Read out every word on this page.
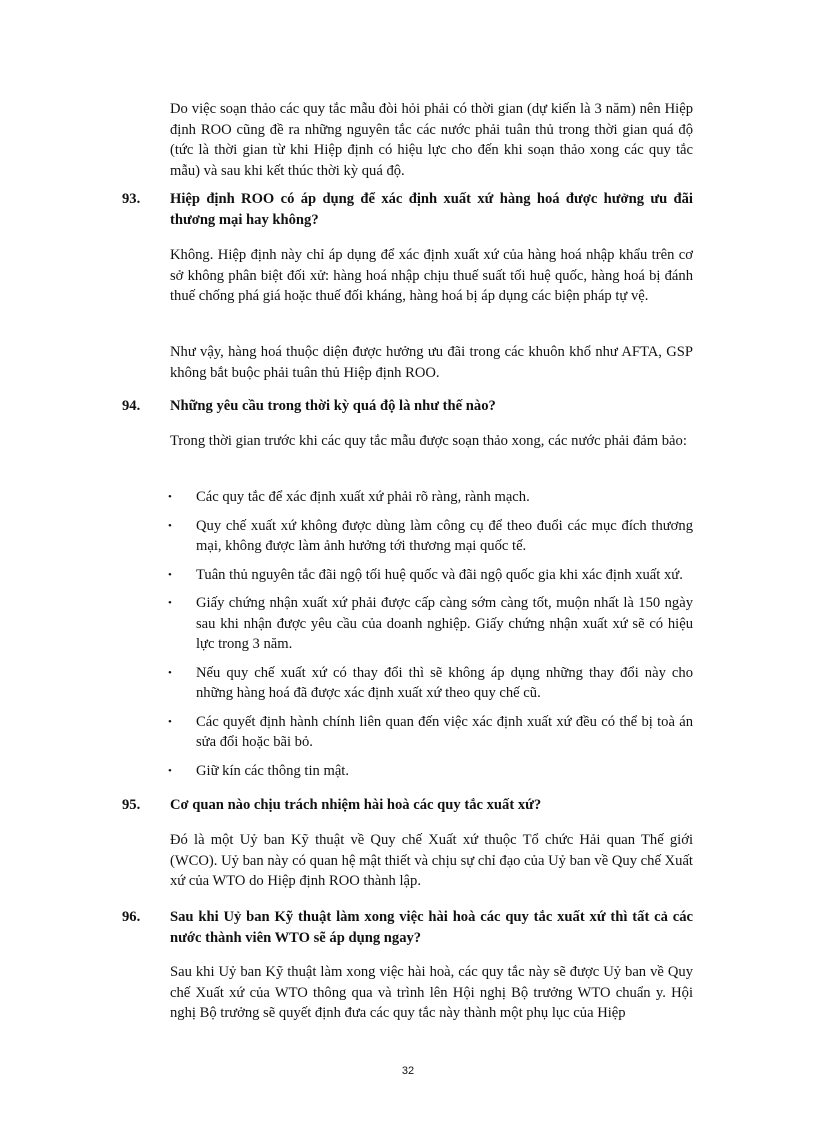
Do việc soạn thảo các quy tắc mẫu đòi hỏi phải có thời gian (dự kiến là 3 năm) nên Hiệp định ROO cũng đề ra những nguyên tắc các nước phải tuân thủ trong thời gian quá độ (tức là thời gian từ khi Hiệp định có hiệu lực cho đến khi soạn thảo xong các quy tắc mẫu) và sau khi kết thúc thời kỳ quá độ.

93. Hiệp định ROO có áp dụng để xác định xuất xứ hàng hoá được hưởng ưu đãi thương mại hay không?

Không. Hiệp định này chỉ áp dụng để xác định xuất xứ của hàng hoá nhập khẩu trên cơ sở không phân biệt đối xử: hàng hoá nhập chịu thuế suất tối huệ quốc, hàng hoá bị đánh thuế chống phá giá hoặc thuế đối kháng, hàng hoá bị áp dụng các biện pháp tự vệ.

Như vậy, hàng hoá thuộc diện được hưởng ưu đãi trong các khuôn khổ như AFTA, GSP không bắt buộc phải tuân thủ Hiệp định ROO.

94. Những yêu cầu trong thời kỳ quá độ là như thế nào?

Trong thời gian trước khi các quy tắc mẫu được soạn thảo xong, các nước phải đảm bảo:

• Các quy tắc để xác định xuất xứ phải rõ ràng, rành mạch.
• Quy chế xuất xứ không được dùng làm công cụ để theo đuổi các mục đích thương mại, không được làm ảnh hưởng tới thương mại quốc tế.
• Tuân thủ nguyên tắc đãi ngộ tối huệ quốc và đãi ngộ quốc gia khi xác định xuất xứ.
• Giấy chứng nhận xuất xứ phải được cấp càng sớm càng tốt, muộn nhất là 150 ngày sau khi nhận được yêu cầu của doanh nghiệp. Giấy chứng nhận xuất xứ sẽ có hiệu lực trong 3 năm.
• Nếu quy chế xuất xứ có thay đổi thì sẽ không áp dụng những thay đổi này cho những hàng hoá đã được xác định xuất xứ theo quy chế cũ.
• Các quyết định hành chính liên quan đến việc xác định xuất xứ đều có thể bị toà án sửa đổi hoặc bãi bỏ.
• Giữ kín các thông tin mật.
95. Cơ quan nào chịu trách nhiệm hài hoà các quy tắc xuất xứ?

Đó là một Uỷ ban Kỹ thuật về Quy chế Xuất xứ thuộc Tổ chức Hải quan Thế giới (WCO). Uỷ ban này có quan hệ mật thiết và chịu sự chỉ đạo của Uỷ ban về Quy chế Xuất xứ của WTO do Hiệp định ROO thành lập.

96. Sau khi Uỷ ban Kỹ thuật làm xong việc hài hoà các quy tắc xuất xứ thì tất cả các nước thành viên WTO sẽ áp dụng ngay?

Sau khi Uỷ ban Kỹ thuật làm xong việc hài hoà, các quy tắc này sẽ được Uỷ ban về Quy chế Xuất xứ của WTO thông qua và trình lên Hội nghị Bộ trưởng WTO chuẩn y. Hội nghị Bộ trưởng sẽ quyết định đưa các quy tắc này thành một phụ lục của Hiệp

32
